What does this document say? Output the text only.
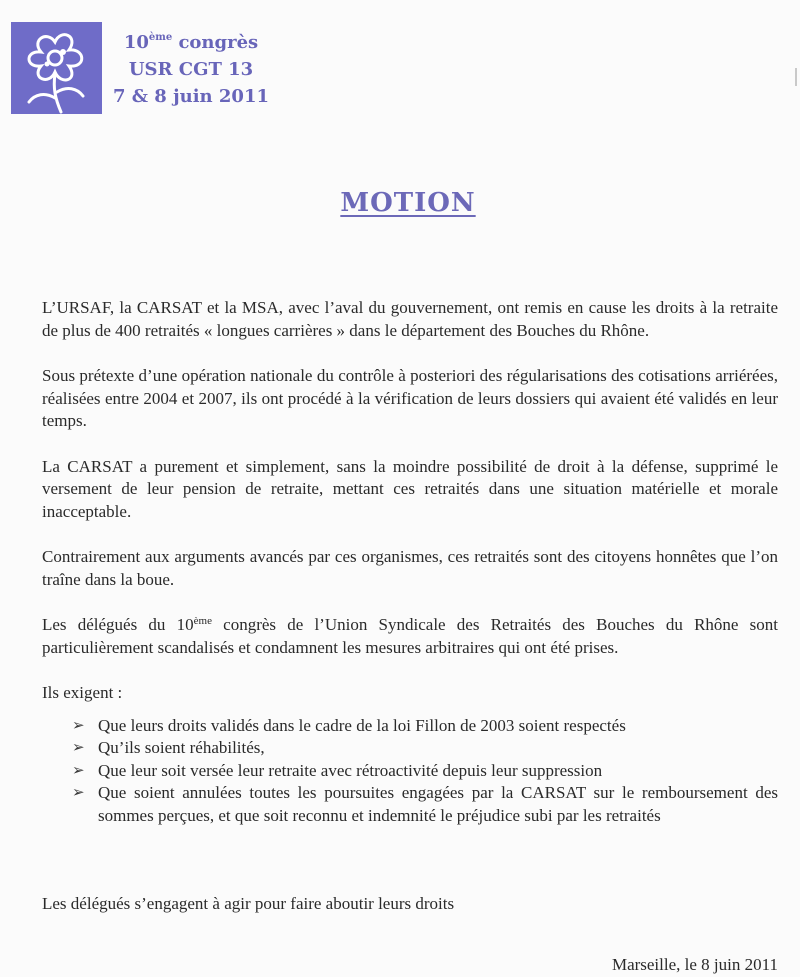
10ème congrès
USR CGT 13
7 & 8 juin 2011
MOTION

L’URSAF, la CARSAT et la MSA, avec l’aval du gouvernement, ont remis en cause les droits à la retraite de plus de 400 retraités « longues carrières » dans le département des Bouches du Rhône.

Sous prétexte d’une opération nationale du contrôle à posteriori des régularisations des cotisations arriérées, réalisées entre 2004 et 2007, ils ont procédé à la vérification de leurs dossiers qui avaient été validés en leur temps.

La CARSAT a purement et simplement, sans la moindre possibilité de droit à la défense, supprimé le versement de leur pension de retraite, mettant ces retraités dans une situation matérielle et morale inacceptable.

Contrairement aux arguments avancés par ces organismes, ces retraités sont des citoyens honnêtes que l’on traîne dans la boue.

Les délégués du 10ème congrès de l’Union Syndicale des Retraités des Bouches du Rhône sont particulièrement scandalisés et condamnent les mesures arbitraires qui ont été prises.

Ils exigent :

➢ Que leurs droits validés dans le cadre de la loi Fillon de 2003 soient respectés
➢ Qu’ils soient réhabilités,
➢ Que leur soit versée leur retraite avec rétroactivité depuis leur suppression
➢ Que soient annulées toutes les poursuites engagées par la CARSAT sur le remboursement des sommes perçues, et que soit reconnu et indemnité le préjudice subi par les retraités
Les délégués s’engagent à agir pour faire aboutir leurs droits
Marseille, le 8 juin 2011
